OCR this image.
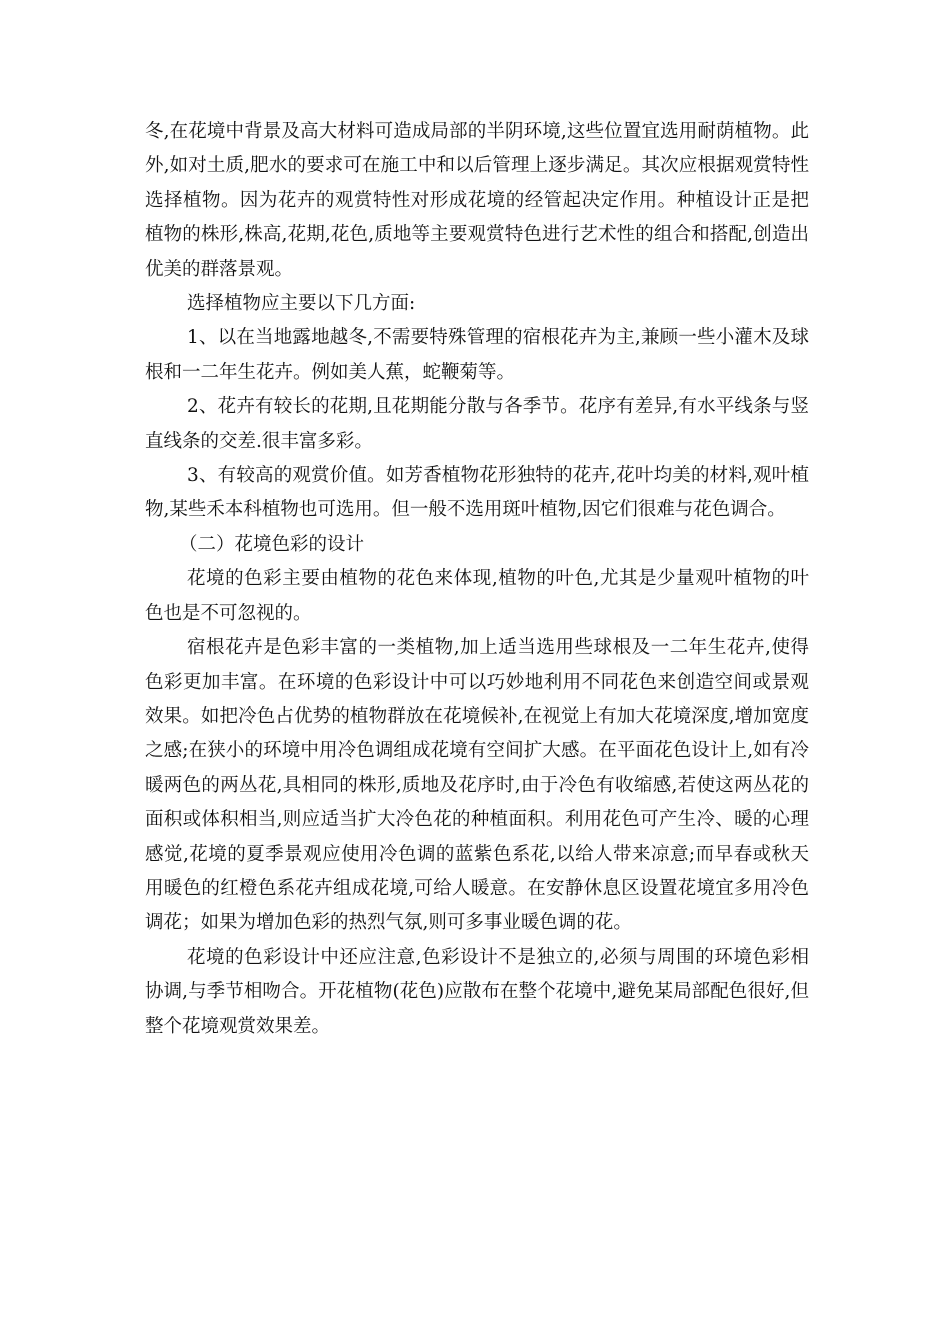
冬,在花境中背景及高大材料可造成局部的半阴环境,这些位置宜选用耐荫植物。此外,如对土质,肥水的要求可在施工中和以后管理上逐步满足。其次应根据观赏特性选择植物。因为花卉的观赏特性对形成花境的经管起决定作用。种植设计正是把植物的株形,株高,花期,花色,质地等主要观赏特色进行艺术性的组合和搭配,创造出优美的群落景观。

选择植物应主要以下几方面:

1、以在当地露地越冬,不需要特殊管理的宿根花卉为主,兼顾一些小灌木及球根和一二年生花卉。例如美人蕉，蛇鞭菊等。

2、花卉有较长的花期,且花期能分散与各季节。花序有差异,有水平线条与竖直线条的交差.很丰富多彩。

3、有较高的观赏价值。如芳香植物花形独特的花卉,花叶均美的材料,观叶植物,某些禾本科植物也可选用。但一般不选用斑叶植物,因它们很难与花色调合。

（二）花境色彩的设计

花境的色彩主要由植物的花色来体现,植物的叶色,尤其是少量观叶植物的叶色也是不可忽视的。

宿根花卉是色彩丰富的一类植物,加上适当选用些球根及一二年生花卉,使得色彩更加丰富。在环境的色彩设计中可以巧妙地利用不同花色来创造空间或景观效果。如把冷色占优势的植物群放在花境候补,在视觉上有加大花境深度,增加宽度之感;在狭小的环境中用冷色调组成花境有空间扩大感。在平面花色设计上,如有冷暖两色的两丛花,具相同的株形,质地及花序时,由于冷色有收缩感,若使这两丛花的面积或体积相当,则应适当扩大冷色花的种植面积。利用花色可产生冷、暖的心理感觉,花境的夏季景观应使用冷色调的蓝紫色系花,以给人带来凉意;而早春或秋天用暖色的红橙色系花卉组成花境,可给人暖意。在安静休息区设置花境宜多用冷色调花；如果为增加色彩的热烈气氛,则可多事业暖色调的花。

花境的色彩设计中还应注意,色彩设计不是独立的,必须与周围的环境色彩相协调,与季节相吻合。开花植物(花色)应散布在整个花境中,避免某局部配色很好,但整个花境观赏效果差。
